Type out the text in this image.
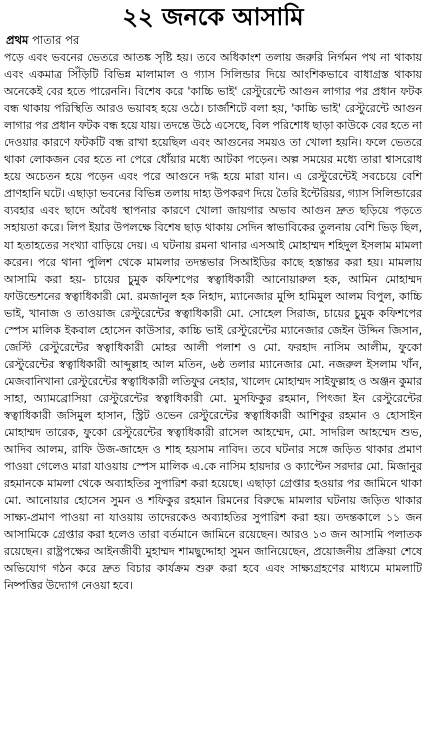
২২ জনকে আসামি

প্রথম পাতার পর

পড়ে এবং ভবনের ভেতরে আতঙ্ক সৃষ্টি হয়। তবে অধিকাংশ তলায় জরুরি নির্গমন পথ না থাকায় এবং একমাত্র সিঁড়িটি বিভিন্ন মালামাল ও গ্যাস সিলিন্ডার দিয়ে আংশিকভাবে বাধাগ্রস্ত থাকায় অনেকেই বের হতে পারেননি। বিশেষ করে 'কাচ্চি ভাই' রেস্টুরেন্টে আগুন লাগার পর প্রধান ফটক বন্ধ থাকায় পরিস্থিতি আরও ভয়াবহ হয়ে ওঠে। চার্জশিটে বলা হয়, 'কাচ্চি ভাই' রেস্টুরেন্টে আগুন লাগার পর প্রধান ফটক বন্ধ হয়ে যায়। তদন্তে উঠে এসেছে, বিল পরিশোধ ছাড়া কাউকে বের হতে না দেওয়ার কারণে ফটকটি বন্ধ রাখা হয়েছিল এবং আগুনের সময়ও তা খোলা হয়নি। ফলে ভেতরে থাকা লোকজন বের হতে না পেরে ধোঁয়ার মধ্যে আটকা পড়েন। অল্প সময়ের মধ্যে তারা শ্বাসরোধ হয়ে অচেতন হয়ে পড়েন এবং পরে আগুনে দগ্ধ হয়ে মারা যান। এ রেস্টুরেন্টেই সবচেয়ে বেশি প্রাণহানি ঘটে। এছাড়া ভবনের বিভিন্ন তলায় দাহ্য উপকরণ দিয়ে তৈরি ইন্টেরিয়র, গ্যাস সিলিন্ডারের ব্যবহার এবং ছাদে অবৈধ স্থাপনার কারণে খোলা জায়গার অভাব আগুন দ্রুত ছড়িয়ে পড়তে সহায়তা করে। লিপ ইয়ার উপলক্ষে বিশেষ ছাড় থাকায় সেদিন স্বাভাবিকের তুলনায় বেশি ভিড় ছিল, যা হতাহতের সংখ্যা বাড়িয়ে দেয়। এ ঘটনায় রমনা থানার এসআই মোহাম্মদ শহিদুল ইসলাম মামলা করেন। পরে থানা পুলিশ থেকে মামলার তদন্তভার সিআইডির কাছে হস্তান্তর করা হয়। মামলায় আসামি করা হয়- চায়ের চুমুক কফিশপের স্বত্বাধিকারী আনোয়ারুল হক, আমিন মোহাম্মদ ফাউন্ডেশনের স্বত্বাধিকারী মো. রমজানুল হক নিহাদ, ম্যানেজার মুন্সি হামিমুল আলম বিপুল, কাচ্চি ভাই, খানাজ ও তাওয়াজ রেস্টুরেন্টের স্বত্বাধিকারী মো. সোহেল সিরাজ, চায়ের চুমুক কফিশপের স্পেস মালিক ইকবাল হোসেন কাউসার, কাচ্চি ভাই রেস্টুরেন্টের ম্যানেজার জেইন উদ্দিন জিসান, জেস্টি রেস্টুরেন্টের স্বত্বাধিকারী মোহর আলী পলাশ ও মো. ফরহাদ নাসিম আলীম, ফুকো রেস্টুরেন্টের স্বত্বাধিকারী আব্দুল্লাহ আল মতিন, ৬ষ্ঠ তলার ম্যানেজার মো. নজরুল ইসলাম খাঁন, মেজবানিখানা রেস্টুরেন্টের স্বত্বাধিকারী লতিফুর নেহার, খালেদ মোহাম্মদ সাইফুল্লাহ ও অঞ্জন কুমার সাহা, অ্যামব্রোসিয়া রেস্টুরেন্টের স্বত্বাধিকারী মো. মুসফিকুর রহমান, পিৎজা ইন রেস্টুরেন্টের স্বত্বাধিকারী জসিমুল হাসান, স্ট্রিট ওভেন রেস্টুরেন্টের স্বত্বাধিকারী আশিকুর রহমান ও হোসাইন মোহাম্মদ তারেক, ফুকো রেস্টুরেন্টের স্বত্বাধিকারী রাসেল আহম্মেদ, মো. সাদরিল আহম্মেদ শুভ, আদিব আলম, রাফি উজ-জাহেদ ও শাহ হয়সাম নাবিদ। তবে ঘটনার সঙ্গে জড়িত থাকার প্রমাণ পাওয়া গেলেও মারা যাওয়ায় স্পেস মালিক এ.কে নাসিম হায়দার ও ক্যাপ্টেন সরদার মো. মিজানুর রহমানকে মামলা থেকে অব্যাহতির সুপারিশ করা হয়েছে। এছাড়া গ্রেপ্তার হওয়ার পর জামিনে থাকা মো. আনোয়ার হোসেন সুমন ও শফিকুর রহমান রিমনের বিরুদ্ধে মামলার ঘটনায় জড়িত থাকার সাক্ষ্য-প্রমাণ পাওয়া না যাওয়ায় তাদেরকেও অব্যাহতির সুপারিশ করা হয়। তদন্তকালে ১১ জন আসামিকে গ্রেপ্তার করা হলেও তারা বর্তমানে জামিনে রয়েছেন। আরও ১৩ জন আসামি পলাতক রয়েছেন। রাষ্ট্রপক্ষের আইনজীবী মুহাম্মদ শামছুদ্দোহা সুমন জানিয়েছেন, প্রয়োজনীয় প্রক্রিয়া শেষে অভিযোগ গঠন করে দ্রুত বিচার কার্যক্রম শুরু করা হবে এবং সাক্ষ্যগ্রহণের মাধ্যমে মামলাটি নিষ্পত্তির উদ্যোগ নেওয়া হবে।
